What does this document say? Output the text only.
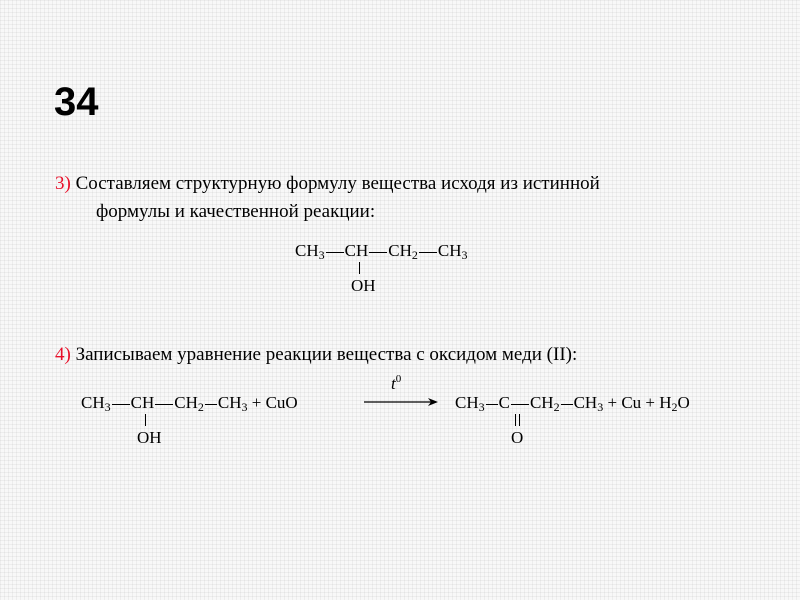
34
3) Составляем структурную формулу вещества исходя из истинной
формулы и качественной реакции:
$CH_3$ CH $CH_2$ $CH_3$
OH
4) Записываем уравнение реакции вещества с оксидом меди (II):
$CH_3$ CH $CH_2$ $CH_3$ + CuO
OH
$t^0$
$CH_3$ C $CH_2$ $CH_3 + Cu + H_2O$
O
